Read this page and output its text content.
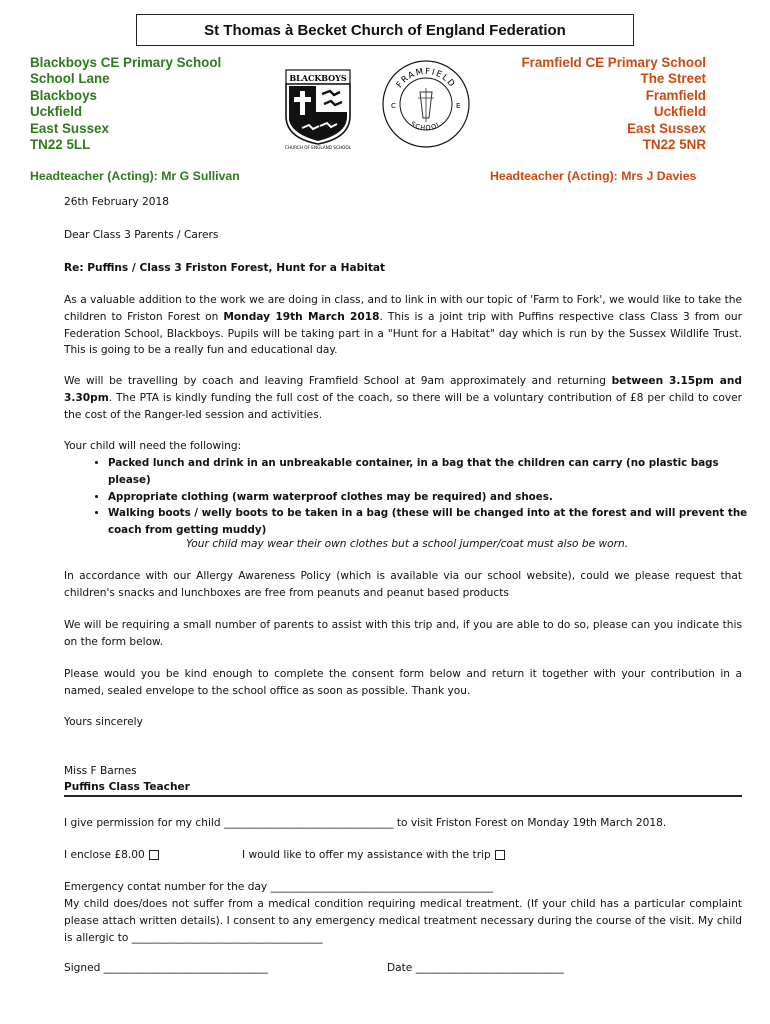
St Thomas à Becket Church of England Federation
Blackboys CE Primary School
School Lane
Blackboys
Uckfield
East Sussex
TN22 5LL
Framfield CE Primary School
The Street
Framfield
Uckfield
East Sussex
TN22 5NR
BLACKBOYS
CHURCH OF ENGLAND SCHOOL
FRAMFIELD
SCHOOL
C	E
Headteacher (Acting): Mr G Sullivan	Headteacher (Acting): Mrs J Davies
26th February 2018
Dear Class 3 Parents / Carers
Re: Puffins / Class 3 Friston Forest, Hunt for a Habitat
As a valuable addition to the work we are doing in class, and to link in with our topic of 'Farm to Fork', we would like to take the children to Friston Forest on Monday 19th March 2018. This is a joint trip with Puffins respective class Class 3 from our Federation School, Blackboys. Pupils will be taking part in a "Hunt for a Habitat" day which is run by the Sussex Wildlife Trust. This is going to be a really fun and educational day.
We will be travelling by coach and leaving Framfield School at 9am approximately and returning between 3.15pm and 3.30pm. The PTA is kindly funding the full cost of the coach, so there will be a voluntary contribution of £8 per child to cover the cost of the Ranger-led session and activities.
Your child will need the following:
• Packed lunch and drink in an unbreakable container, in a bag that the children can carry (no plastic bags please)
• Appropriate clothing (warm waterproof clothes may be required) and shoes.
• Walking boots / welly boots to be taken in a bag (these will be changed into at the forest and will prevent the coach from getting muddy)
Your child may wear their own clothes but a school jumper/coat must also be worn.
In accordance with our Allergy Awareness Policy (which is available via our school website), could we please request that children's snacks and lunchboxes are free from peanuts and peanut based products
We will be requiring a small number of parents to assist with this trip and, if you are able to do so, please can you indicate this on the form below.
Please would you be kind enough to complete the consent form below and return it together with your contribution in a named, sealed envelope to the school office as soon as possible. Thank you.
Yours sincerely
Miss F Barnes
Puffins Class Teacher
I give permission for my child ________________________________ to visit Friston Forest on Monday 19th March 2018.
I enclose £8.00	I would like to offer my assistance with the trip
Emergency contat number for the day __________________________________________
My child does/does not suffer from a medical condition requiring medical treatment. (If your child has a particular complaint please attach written details). I consent to any emergency medical treatment necessary during the course of the visit. My child is allergic to ____________________________________
Signed _______________________________	Date ____________________________
